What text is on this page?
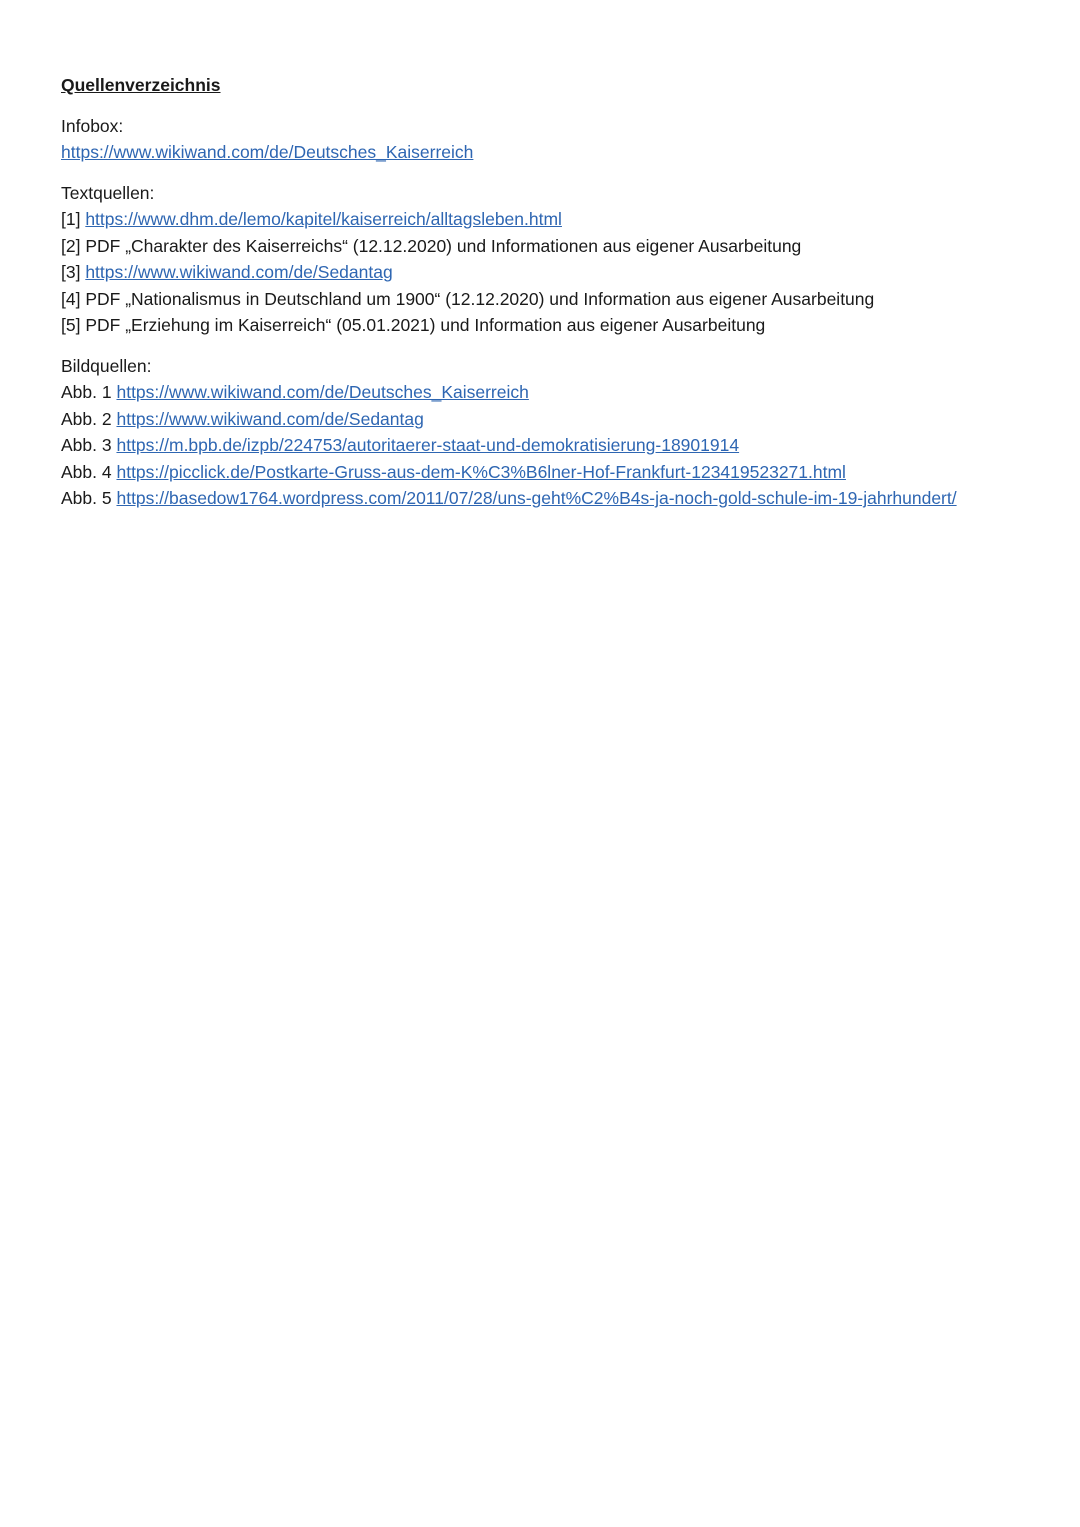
Quellenverzeichnis
Infobox:
https://www.wikiwand.com/de/Deutsches_Kaiserreich
Textquellen:
[1] https://www.dhm.de/lemo/kapitel/kaiserreich/alltagsleben.html
[2] PDF „Charakter des Kaiserreichs“ (12.12.2020) und Informationen aus eigener Ausarbeitung
[3] https://www.wikiwand.com/de/Sedantag
[4] PDF „Nationalismus in Deutschland um 1900“ (12.12.2020) und Information aus eigener Ausarbeitung
[5] PDF „Erziehung im Kaiserreich“ (05.01.2021) und Information aus eigener Ausarbeitung
Bildquellen:
Abb. 1 https://www.wikiwand.com/de/Deutsches_Kaiserreich
Abb. 2 https://www.wikiwand.com/de/Sedantag
Abb. 3 https://m.bpb.de/izpb/224753/autoritaerer-staat-und-demokratisierung-18901914
Abb. 4 https://picclick.de/Postkarte-Gruss-aus-dem-K%C3%B6lner-Hof-Frankfurt-123419523271.html
Abb. 5 https://basedow1764.wordpress.com/2011/07/28/uns-geht%C2%B4s-ja-noch-gold-schule-im-19-jahrhundert/
